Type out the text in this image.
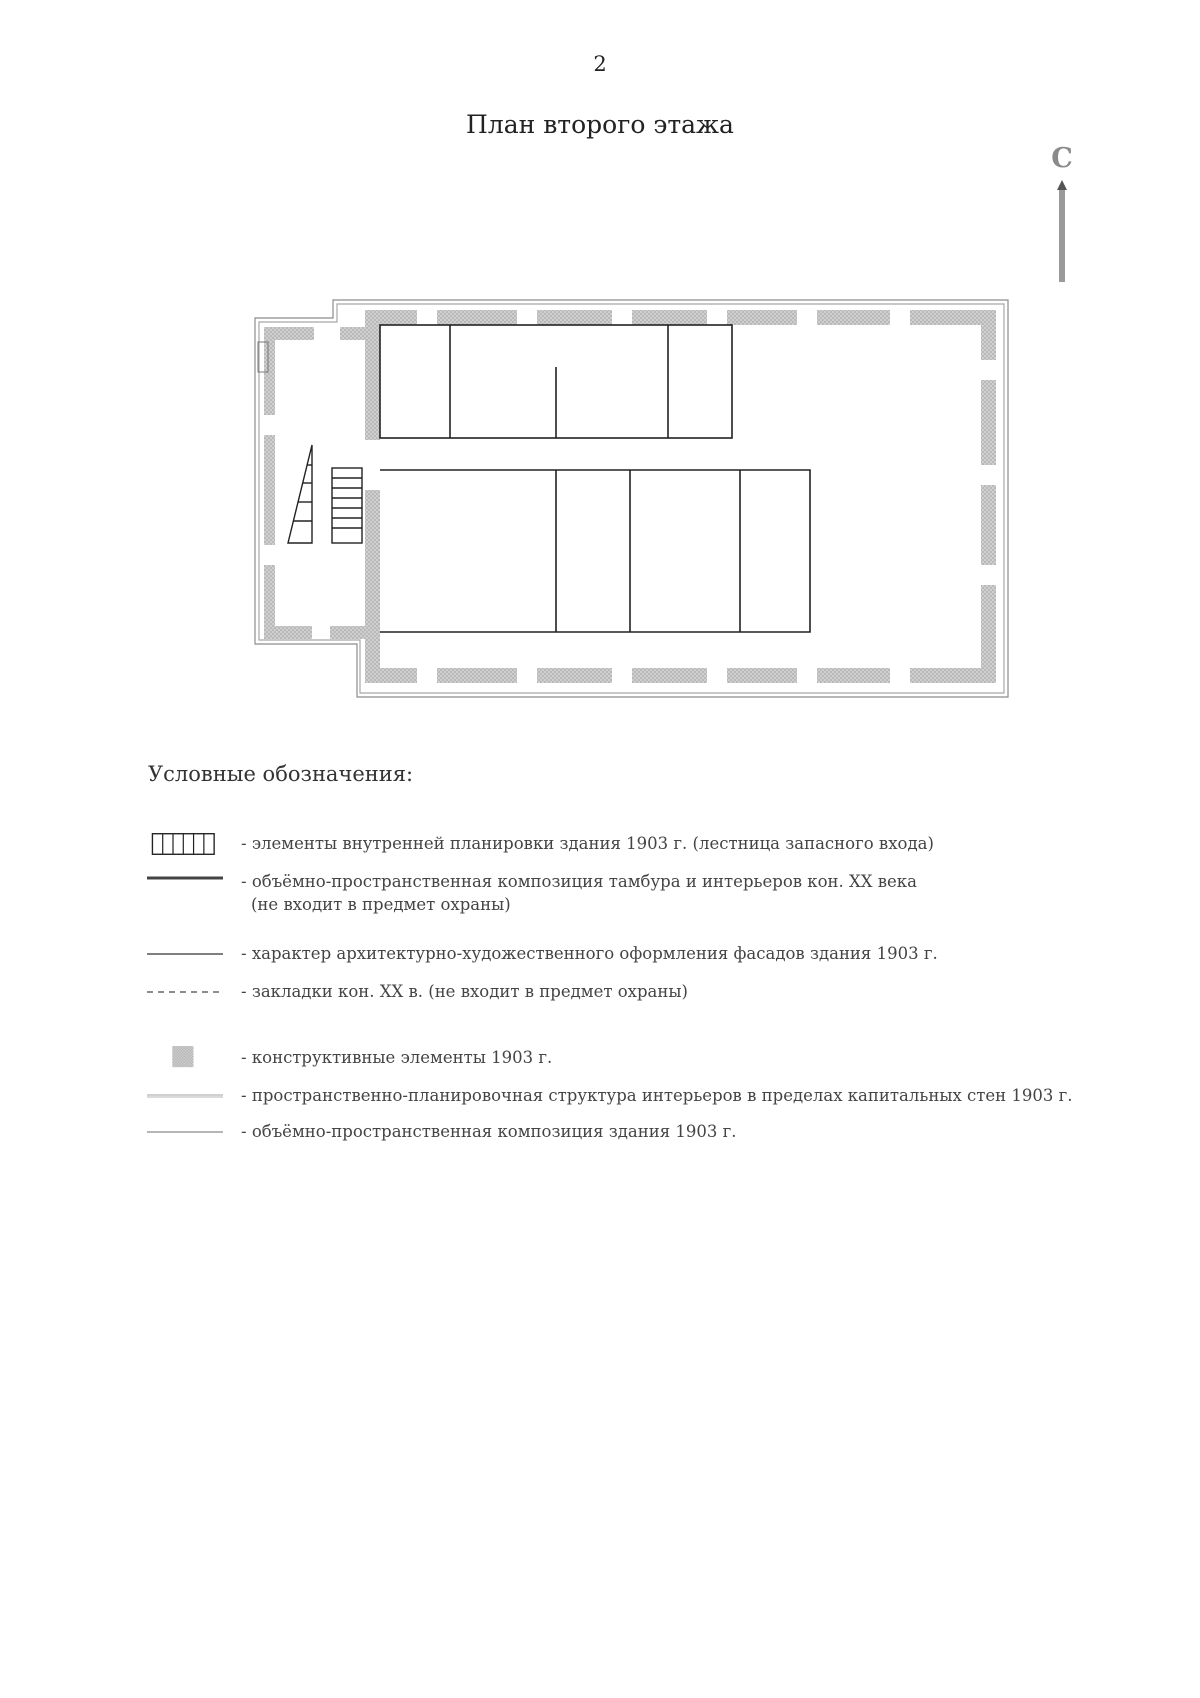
2
План второго этажа
С
Условные обозначения:
- элементы внутренней планировки здания 1903 г. (лестница запасного входа)
- объёмно-пространственная композиция тамбура и интерьеров кон. XX века
(не входит в предмет охраны)
- характер архитектурно-художественного оформления фасадов здания 1903 г.
- закладки кон. XX в. (не входит в предмет охраны)
- конструктивные элементы 1903 г.
- пространственно-планировочная структура интерьеров в пределах капитальных стен 1903 г.
- объёмно-пространственная композиция здания 1903 г.
